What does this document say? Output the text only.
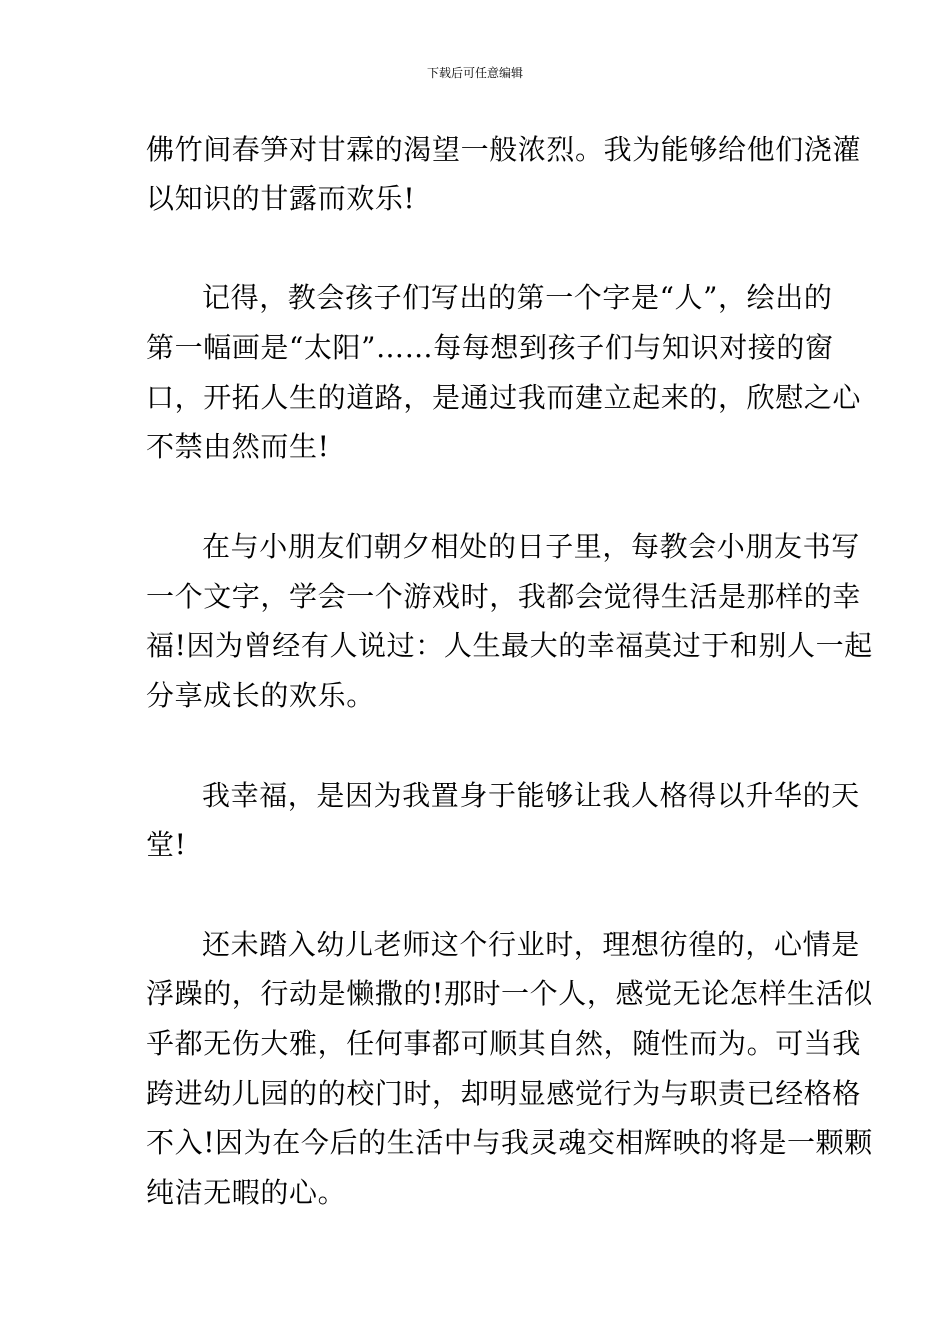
下载后可任意编辑
佛竹间春笋对甘霖的渴望一般浓烈。我为能够给他们浇灌
以知识的甘露而欢乐!
记得，教会孩子们写出的第一个字是“人”，绘出的
第一幅画是“太阳”……每每想到孩子们与知识对接的窗
口，开拓人生的道路，是通过我而建立起来的，欣慰之心
不禁由然而生!
在与小朋友们朝夕相处的日子里，每教会小朋友书写
一个文字，学会一个游戏时，我都会觉得生活是那样的幸
福!因为曾经有人说过：人生最大的幸福莫过于和别人一起
分享成长的欢乐。
我幸福，是因为我置身于能够让我人格得以升华的天
堂!
还未踏入幼儿老师这个行业时，理想彷徨的，心情是
浮躁的，行动是懒撒的!那时一个人，感觉无论怎样生活似
乎都无伤大雅，任何事都可顺其自然，随性而为。可当我
跨进幼儿园的的校门时，却明显感觉行为与职责已经格格
不入!因为在今后的生活中与我灵魂交相辉映的将是一颗颗
纯洁无暇的心。
